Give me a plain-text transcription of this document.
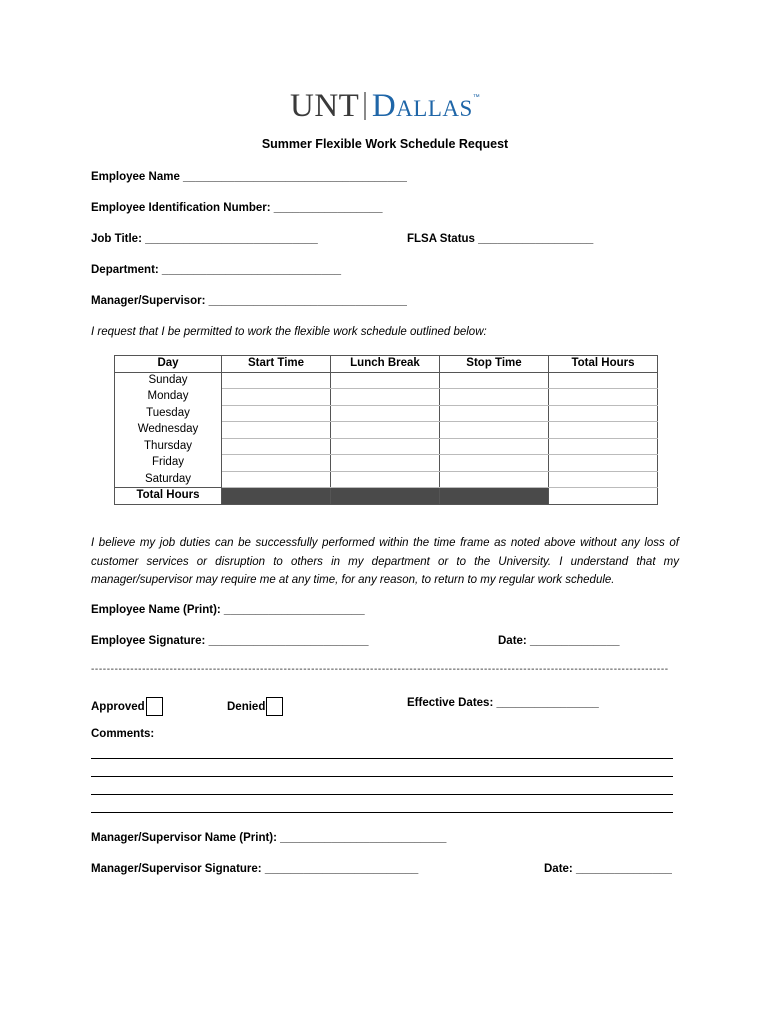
UNT Dallas ™
Summer Flexible Work Schedule Request
Employee Name ___________________________________
Employee Identification Number: _________________
Job Title: ___________________________	FLSA Status __________________
Department: ____________________________
Manager/Supervisor: _______________________________
I request that I be permitted to work the flexible work schedule outlined below:
Day	Start Time	Lunch Break	Stop Time	Total Hours
Sunday				
Monday				
Tuesday				
Wednesday				
Thursday				
Friday				
Saturday				
Total Hours				
I believe my job duties can be successfully performed within the time frame as noted above without any loss of customer services or disruption to others in my department or to the University. I understand that my manager/supervisor may require me at any time, for any reason, to return to my regular work schedule.
Employee Name (Print): ______________________
Employee Signature: _________________________	Date: ______________
---------------------------------------------------------------------------------------------------------------------------------------------------
Approved	Denied	Effective Dates: ________________
Comments:
Manager/Supervisor Name (Print): __________________________
Manager/Supervisor Signature: ________________________	Date: _______________
